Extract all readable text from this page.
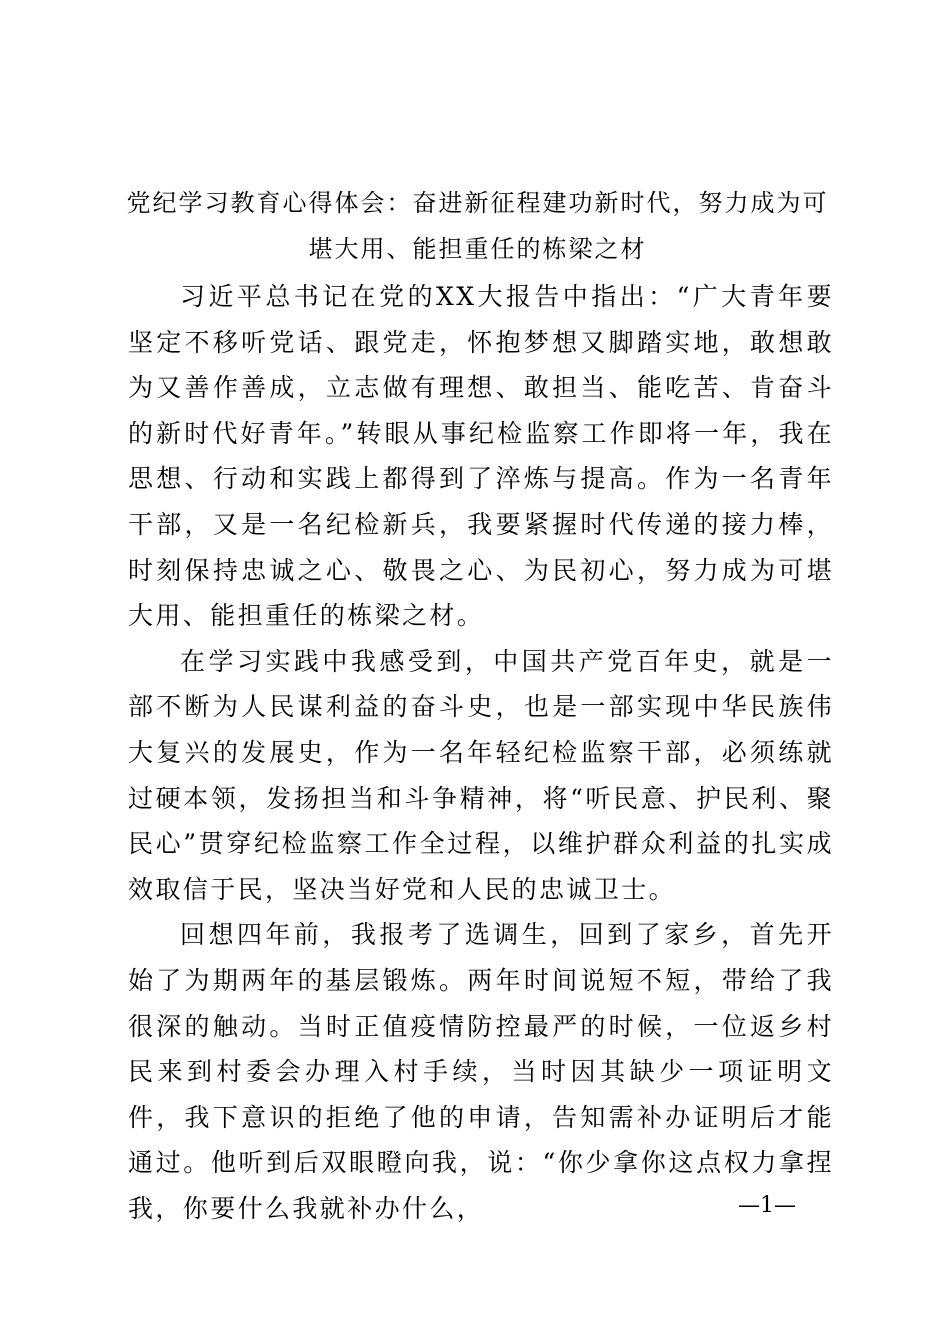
党纪学习教育心得体会：奋进新征程建功新时代，努力成为可
堪大用、能担重任的栋梁之材

习近平总书记在党的XX大报告中指出：“广大青年要坚定不移听党话、跟党走，怀抱梦想又脚踏实地，敢想敢为又善作善成，立志做有理想、敢担当、能吃苦、肯奋斗的新时代好青年。”转眼从事纪检监察工作即将一年，我在思想、行动和实践上都得到了淬炼与提高。作为一名青年干部，又是一名纪检新兵，我要紧握时代传递的接力棒，时刻保持忠诚之心、敬畏之心、为民初心，努力成为可堪大用、能担重任的栋梁之材。

在学习实践中我感受到，中国共产党百年史，就是一部不断为人民谋利益的奋斗史，也是一部实现中华民族伟大复兴的发展史，作为一名年轻纪检监察干部，必须练就过硬本领，发扬担当和斗争精神，将“听民意、护民利、聚民心”贯穿纪检监察工作全过程，以维护群众利益的扎实成效取信于民，坚决当好党和人民的忠诚卫士。

回想四年前，我报考了选调生，回到了家乡，首先开始了为期两年的基层锻炼。两年时间说短不短，带给了我很深的触动。当时正值疫情防控最严的时候，一位返乡村民来到村委会办理入村手续，当时因其缺少一项证明文件，我下意识的拒绝了他的申请，告知需补办证明后才能通过。他听到后双眼瞪向我，说：“你少拿你这点权力拿捏我，你要什么我就补办什么，	—1—
